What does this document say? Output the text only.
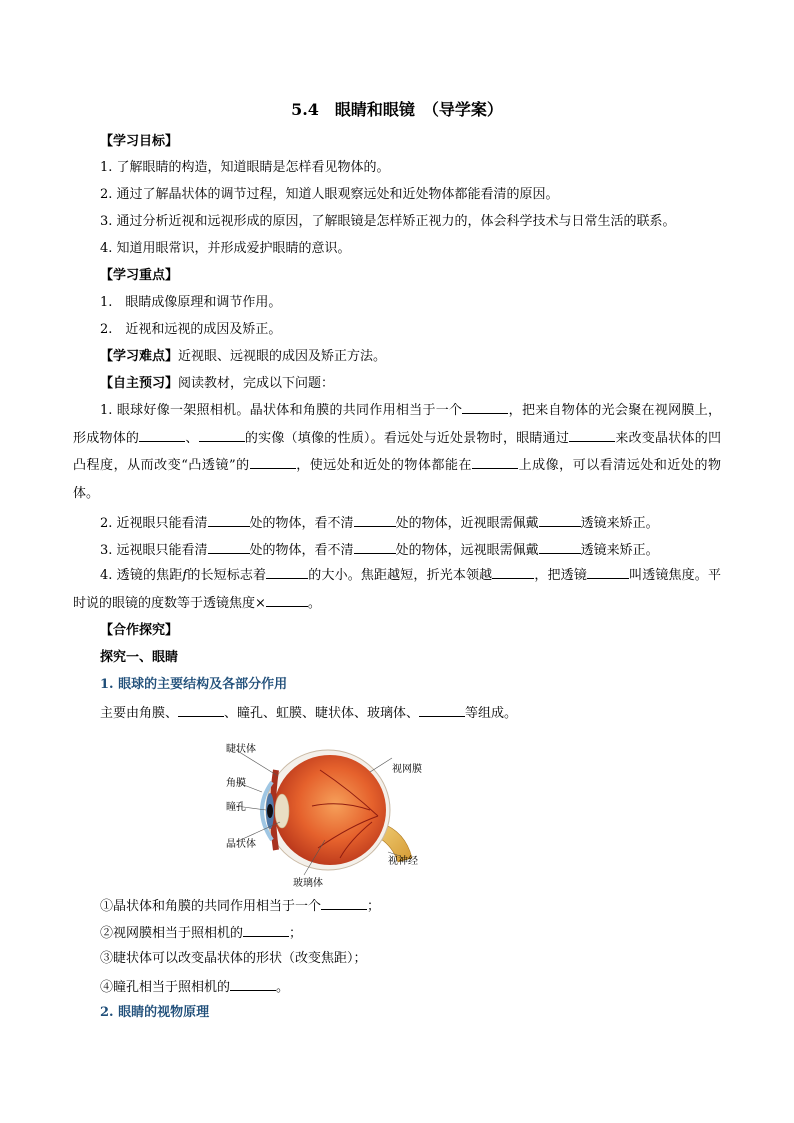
5.4　眼睛和眼镜　（导学案）
【学习目标】
1. 了解眼睛的构造，知道眼睛是怎样看见物体的。
2. 通过了解晶状体的调节过程，知道人眼观察远处和近处物体都能看清的原因。
3. 通过分析近视和远视形成的原因，了解眼镜是怎样矫正视力的，体会科学技术与日常生活的联系。
4. 知道用眼常识，并形成爱护眼睛的意识。
【学习重点】
1.　眼睛成像原理和调节作用。
2.　近视和远视的成因及矫正。
【学习难点】近视眼、远视眼的成因及矫正方法。
【自主预习】阅读教材，完成以下问题：
1. 眼球好像一架照相机。晶状体和角膜的共同作用相当于一个	，把来自物体的光会聚在视网膜上，形成物体的	、	的实像（填像的性质）。看远处与近处景物时，眼睛通过	来改变晶状体的凹凸程度，从而改变“凸透镜”的	，使远处和近处的物体都能在	上成像，可以看清远处和近处的物体。
2. 近视眼只能看清	处的物体，看不清	处的物体，近视眼需佩戴	透镜来矫正。
3. 远视眼只能看清	处的物体，看不清	处的物体，远视眼需佩戴	透镜来矫正。
4. 透镜的焦距f的长短标志着	的大小。焦距越短，折光本领越	，把透镜	叫透镜焦度。平时说的眼镜的度数等于透镜焦度×	。
【合作探究】
探究一、眼睛
1. 眼球的主要结构及各部分作用
主要由角膜、	、瞳孔、虹膜、睫状体、玻璃体、	等组成。
睫状体
角膜
瞳孔
晶状体
玻璃体
视网膜
视神经
①晶状体和角膜的共同作用相当于一个	；
②视网膜相当于照相机的	；
③睫状体可以改变晶状体的形状（改变焦距）；
④瞳孔相当于照相机的	。
2. 眼睛的视物原理
